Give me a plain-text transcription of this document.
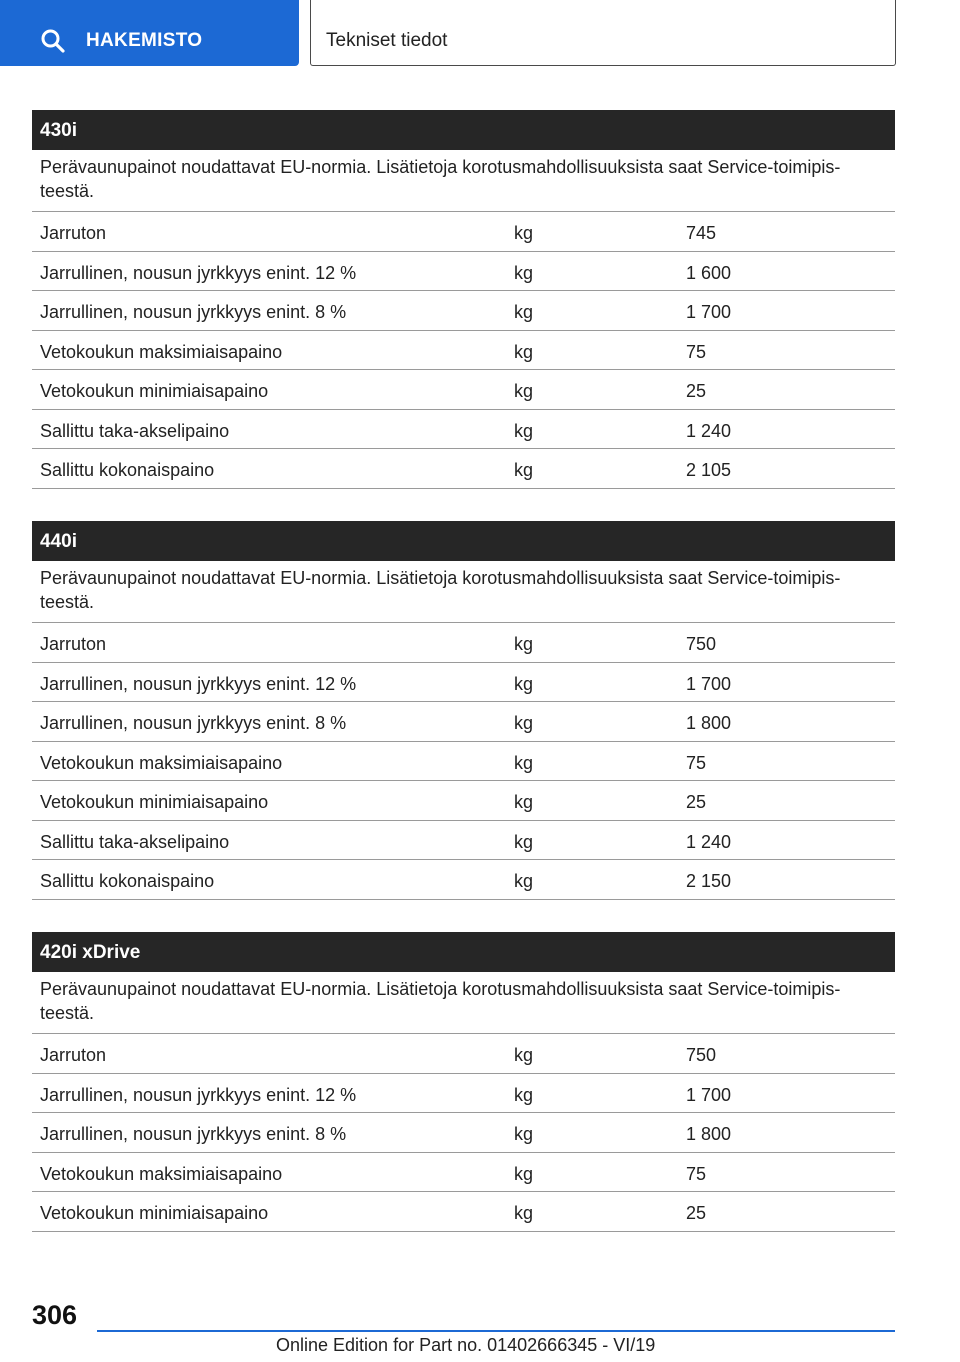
HAKEMISTO	Tekniset tiedot
430i
Perävaunupainot noudattavat EU-normia. Lisätietoja korotusmahdollisuuksista saat Service-toimipis-teestä.
Jarruton	kg	745
Jarrullinen, nousun jyrkkyys enint. 12 %	kg	1 600
Jarrullinen, nousun jyrkkyys enint. 8 %	kg	1 700
Vetokoukun maksimiaisapaino	kg	75
Vetokoukun minimiaisapaino	kg	25
Sallittu taka-akselipaino	kg	1 240
Sallittu kokonaispaino	kg	2 105
440i
Perävaunupainot noudattavat EU-normia. Lisätietoja korotusmahdollisuuksista saat Service-toimipis-teestä.
Jarruton	kg	750
Jarrullinen, nousun jyrkkyys enint. 12 %	kg	1 700
Jarrullinen, nousun jyrkkyys enint. 8 %	kg	1 800
Vetokoukun maksimiaisapaino	kg	75
Vetokoukun minimiaisapaino	kg	25
Sallittu taka-akselipaino	kg	1 240
Sallittu kokonaispaino	kg	2 150
420i xDrive
Perävaunupainot noudattavat EU-normia. Lisätietoja korotusmahdollisuuksista saat Service-toimipis-teestä.
Jarruton	kg	750
Jarrullinen, nousun jyrkkyys enint. 12 %	kg	1 700
Jarrullinen, nousun jyrkkyys enint. 8 %	kg	1 800
Vetokoukun maksimiaisapaino	kg	75
Vetokoukun minimiaisapaino	kg	25
306
Online Edition for Part no. 01402666345 - VI/19
